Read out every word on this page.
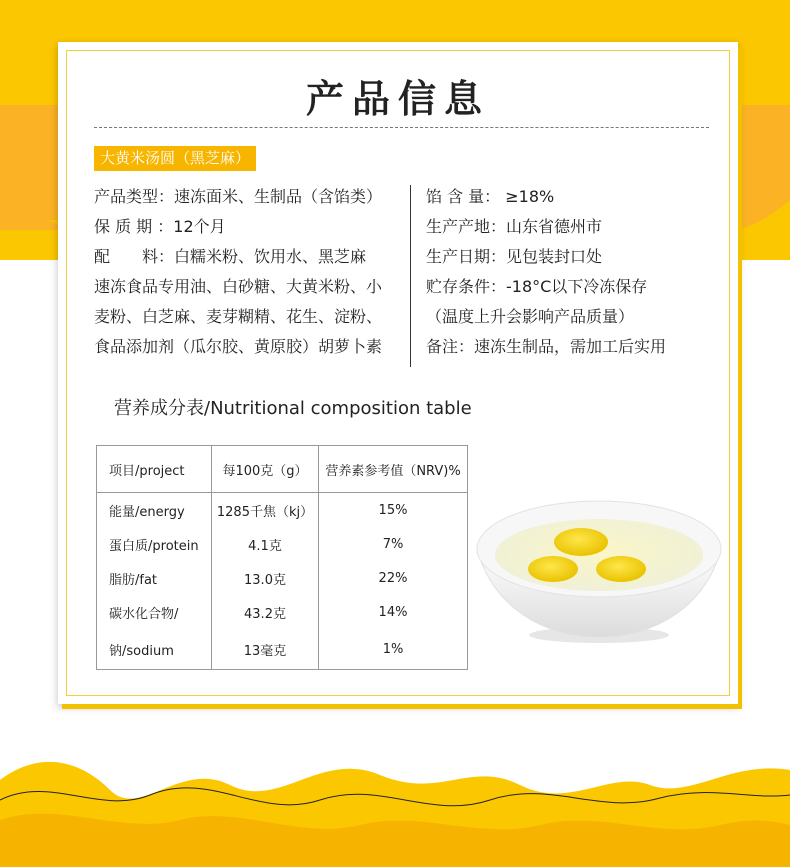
产品信息
大黄米汤圆（黑芝麻）
产品类型：速冻面米、生制品（含馅类）
保 质 期 ：12个月
配　　料：白糯米粉、饮用水、黑芝麻
速冻食品专用油、白砂糖、大黄米粉、小
麦粉、白芝麻、麦芽糊精、花生、淀粉、
食品添加剂（瓜尔胶、黄原胶）胡萝卜素
馅 含 量： ≥18%
生产产地：山东省德州市
生产日期：见包装封口处
贮存条件：-18°C以下冷冻保存
（温度上升会影响产品质量）
备注：速冻生制品，需加工后实用
营养成分表/Nutritional composition table
项目/project	每100克（g）	营养素参考值（NRV)%
能量/energy	1285千焦（kj）	15%
蛋白质/protein	4.1克	7%
脂肪/fat	13.0克	22%
碳水化合物/	43.2克	14%
钠/sodium	13毫克	1%
